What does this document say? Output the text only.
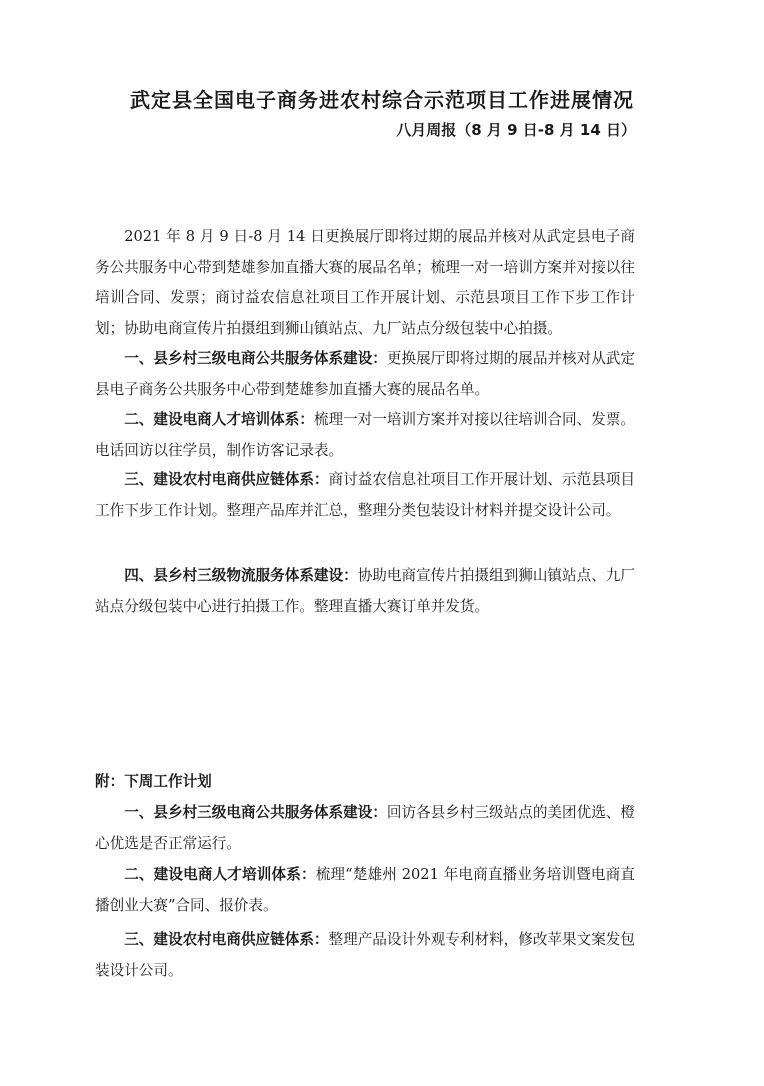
武定县全国电子商务进农村综合示范项目工作进展情况
八月周报（8 月 9 日-8 月 14 日）

2021 年 8 月 9 日-8 月 14 日更换展厅即将过期的展品并核对从武定县电子商务公共服务中心带到楚雄参加直播大赛的展品名单；梳理一对一培训方案并对接以往培训合同、发票；商讨益农信息社项目工作开展计划、示范县项目工作下步工作计划；协助电商宣传片拍摄组到狮山镇站点、九厂站点分级包装中心拍摄。

一、县乡村三级电商公共服务体系建设：更换展厅即将过期的展品并核对从武定县电子商务公共服务中心带到楚雄参加直播大赛的展品名单。

二、建设电商人才培训体系：梳理一对一培训方案并对接以往培训合同、发票。电话回访以往学员，制作访客记录表。

三、建设农村电商供应链体系：商讨益农信息社项目工作开展计划、示范县项目工作下步工作计划。整理产品库并汇总，整理分类包装设计材料并提交设计公司。

四、县乡村三级物流服务体系建设：协助电商宣传片拍摄组到狮山镇站点、九厂站点分级包装中心进行拍摄工作。整理直播大赛订单并发货。

附：下周工作计划

一、县乡村三级电商公共服务体系建设：回访各县乡村三级站点的美团优选、橙心优选是否正常运行。

二、建设电商人才培训体系：梳理“楚雄州 2021 年电商直播业务培训暨电商直播创业大赛”合同、报价表。

三、建设农村电商供应链体系：整理产品设计外观专利材料，修改苹果文案发包装设计公司。
